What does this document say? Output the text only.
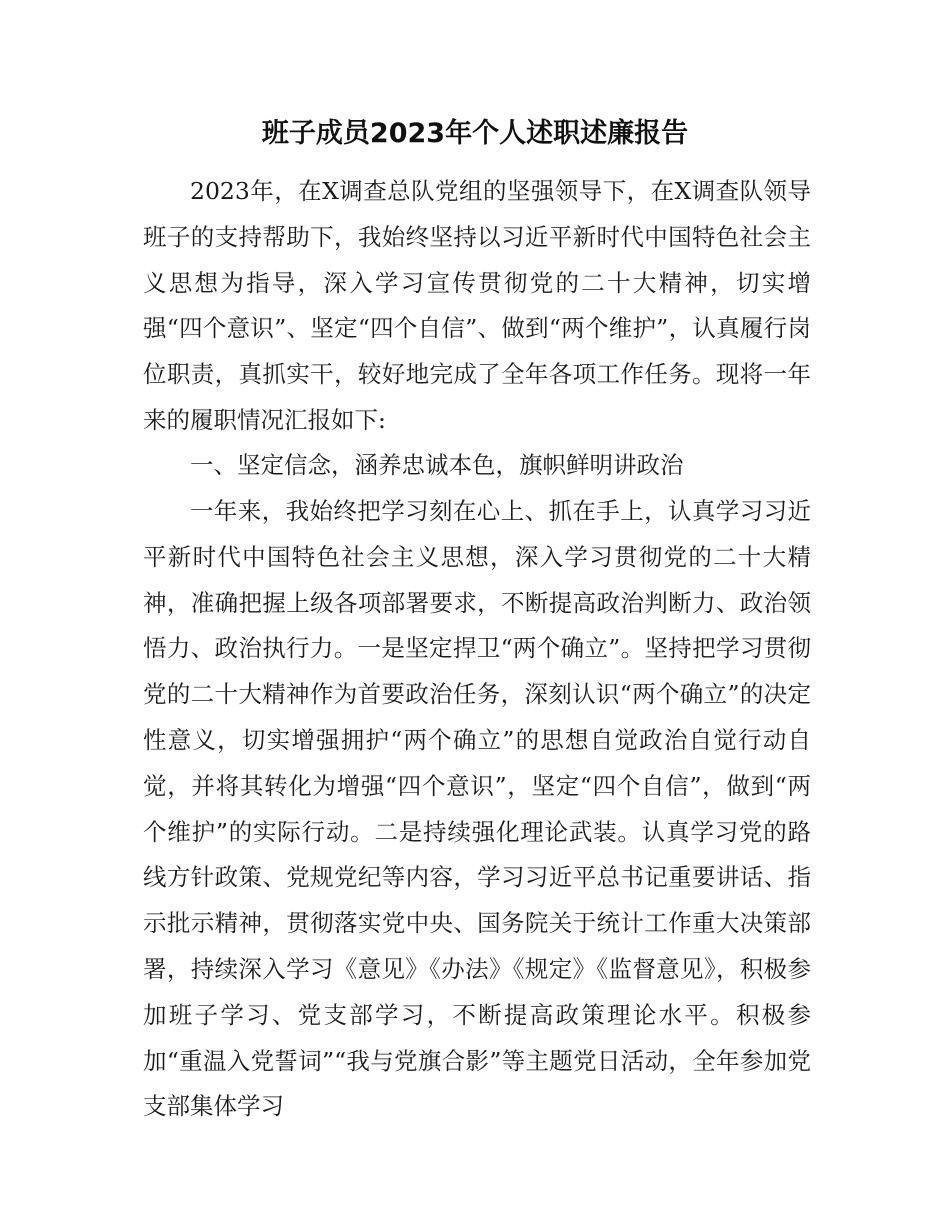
班子成员2023年个人述职述廉报告

2023年，在X调查总队党组的坚强领导下，在X调查队领导班子的支持帮助下，我始终坚持以习近平新时代中国特色社会主义思想为指导，深入学习宣传贯彻党的二十大精神，切实增强“四个意识”、坚定“四个自信”、做到“两个维护”，认真履行岗位职责，真抓实干，较好地完成了全年各项工作任务。现将一年来的履职情况汇报如下:

一、坚定信念，涵养忠诚本色，旗帜鲜明讲政治

一年来，我始终把学习刻在心上、抓在手上，认真学习习近平新时代中国特色社会主义思想，深入学习贯彻党的二十大精神，准确把握上级各项部署要求，不断提高政治判断力、政治领悟力、政治执行力。一是坚定捍卫“两个确立”。坚持把学习贯彻党的二十大精神作为首要政治任务，深刻认识“两个确立”的决定性意义，切实增强拥护“两个确立”的思想自觉政治自觉行动自觉，并将其转化为增强“四个意识”，坚定“四个自信”，做到“两个维护”的实际行动。二是持续强化理论武装。认真学习党的路线方针政策、党规党纪等内容，学习习近平总书记重要讲话、指示批示精神，贯彻落实党中央、国务院关于统计工作重大决策部署，持续深入学习《意见》《办法》《规定》《监督意见》，积极参加班子学习、党支部学习，不断提高政策理论水平。积极参加“重温入党誓词”“我与党旗合影”等主题党日活动，全年参加党支部集体学习
